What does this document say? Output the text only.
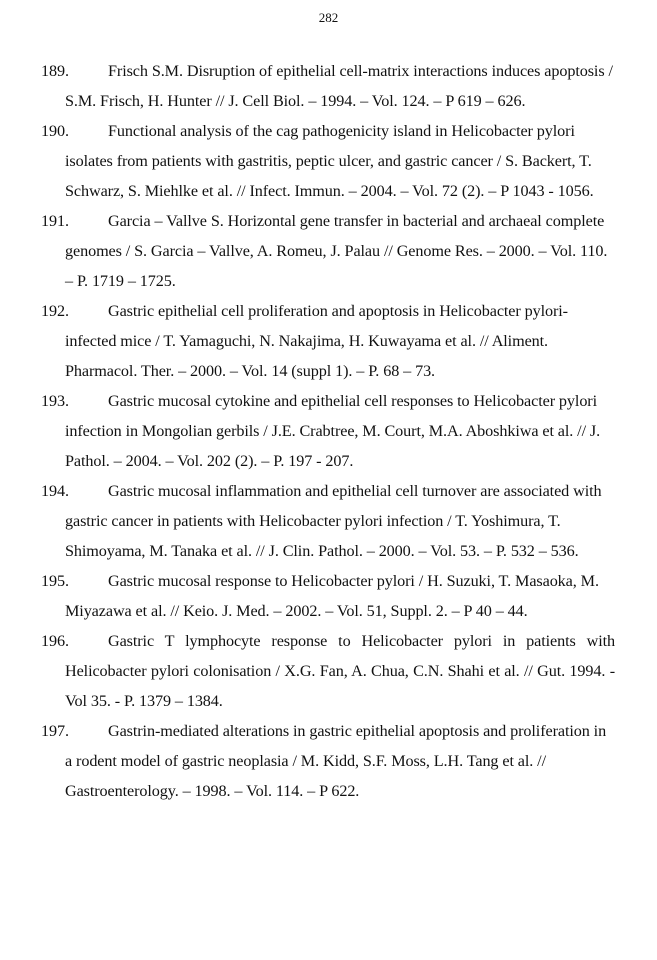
282
189.	Frisch S.M. Disruption of epithelial cell-matrix interactions induces apoptosis / S.M. Frisch, H. Hunter // J. Cell Biol. – 1994. – Vol. 124. – P 619 – 626.
190.	Functional analysis of the cag pathogenicity island in Helicobacter pylori isolates from patients with gastritis, peptic ulcer, and gastric cancer / S. Backert, T. Schwarz, S. Miehlke et al. // Infect. Immun. – 2004. – Vol. 72 (2). – P 1043 - 1056.
191.	Garcia – Vallve S. Horizontal gene transfer in bacterial and archaeal complete genomes / S. Garcia – Vallve, A. Romeu, J. Palau // Genome Res. – 2000. – Vol. 110. – P. 1719 – 1725.
192.	Gastric epithelial cell proliferation and apoptosis in Helicobacter pylori-infected mice / T. Yamaguchi, N. Nakajima, H. Kuwayama et al. // Aliment. Pharmacol. Ther. – 2000. – Vol. 14 (suppl 1). – P. 68 – 73.
193.	Gastric mucosal cytokine and epithelial cell responses to Helicobacter pylori infection in Mongolian gerbils / J.E. Crabtree, M. Court, M.A. Aboshkiwa et al. // J. Pathol. – 2004. – Vol. 202 (2). – P. 197 - 207.
194.	Gastric mucosal inflammation and epithelial cell turnover are associated with gastric cancer in patients with Helicobacter pylori infection / T. Yoshimura, T. Shimoyama, M. Tanaka et al. // J. Clin. Pathol. – 2000. – Vol. 53. – P. 532 – 536.
195.	Gastric mucosal response to Helicobacter pylori / H. Suzuki, T. Masaoka, M. Miyazawa et al. // Keio. J. Med. – 2002. – Vol. 51, Suppl. 2. – P 40 – 44.
196.	Gastric T lymphocyte response to Helicobacter pylori in patients with Helicobacter pylori colonisation / X.G. Fan, A. Chua, C.N. Shahi et al. // Gut. 1994. - Vol 35. - P. 1379 – 1384.
197.	Gastrin-mediated alterations in gastric epithelial apoptosis and proliferation in a rodent model of gastric neoplasia / M. Kidd, S.F. Moss, L.H. Tang et al. // Gastroenterology. – 1998. – Vol. 114. – P 622.
